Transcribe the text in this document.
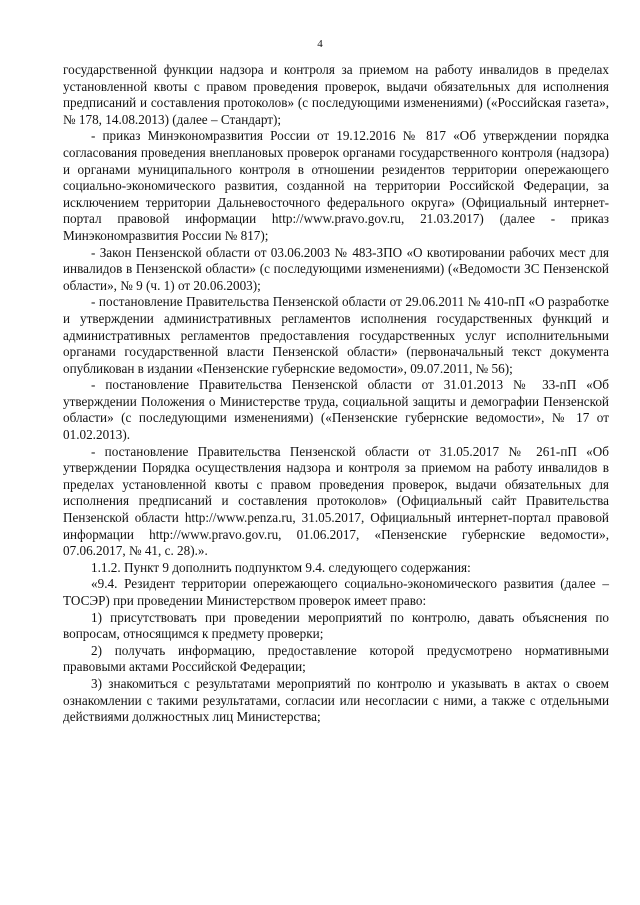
4

государственной функции надзора и контроля за приемом на работу инвалидов в пределах установленной квоты с правом проведения проверок, выдачи обязательных для исполнения предписаний и составления протоколов» (с последующими изменениями) («Российская газета», № 178, 14.08.2013) (далее – Стандарт);

- приказ Минэкономразвития России от 19.12.2016 № 817 «Об утверждении порядка согласования проведения внеплановых проверок органами государственного контроля (надзора) и органами муниципального контроля в отношении резидентов территории опережающего социально-экономического развития, созданной на территории Российской Федерации, за исключением территории Дальневосточного федерального округа» (Официальный интернет-портал правовой информации http://www.pravo.gov.ru, 21.03.2017) (далее - приказ Минэкономразвития России № 817);

- Закон Пензенской области от 03.06.2003 № 483-ЗПО «О квотировании рабочих мест для инвалидов в Пензенской области» (с последующими изменениями) («Ведомости ЗС Пензенской области», № 9 (ч. 1) от 20.06.2003);

- постановление Правительства Пензенской области от 29.06.2011 № 410-пП «О разработке и утверждении административных регламентов исполнения государственных функций и административных регламентов предоставления государственных услуг исполнительными органами государственной власти Пензенской области» (первоначальный текст документа опубликован в издании «Пензенские губернские ведомости», 09.07.2011, № 56);

- постановление Правительства Пензенской области от 31.01.2013 № 33-пП «Об утверждении Положения о Министерстве труда, социальной защиты и демографии Пензенской области» (с последующими изменениями) («Пензенские губернские ведомости», № 17 от 01.02.2013).

- постановление Правительства Пензенской области от 31.05.2017 № 261-пП «Об утверждении Порядка осуществления надзора и контроля за приемом на работу инвалидов в пределах установленной квоты с правом проведения проверок, выдачи обязательных для исполнения предписаний и составления протоколов» (Официальный сайт Правительства Пензенской области http://www.penza.ru, 31.05.2017, Официальный интернет-портал правовой информации http://www.pravo.gov.ru, 01.06.2017, «Пензенские губернские ведомости», 07.06.2017, № 41, с. 28).».

1.1.2. Пункт 9 дополнить подпунктом 9.4. следующего содержания:

«9.4. Резидент территории опережающего социально-экономического развития (далее – ТОСЭР) при проведении Министерством проверок имеет право:

1) присутствовать при проведении мероприятий по контролю, давать объяснения по вопросам, относящимся к предмету проверки;

2) получать информацию, предоставление которой предусмотрено нормативными правовыми актами Российской Федерации;

3) знакомиться с результатами мероприятий по контролю и указывать в актах о своем ознакомлении с такими результатами, согласии или несогласии с ними, а также с отдельными действиями должностных лиц Министерства;
